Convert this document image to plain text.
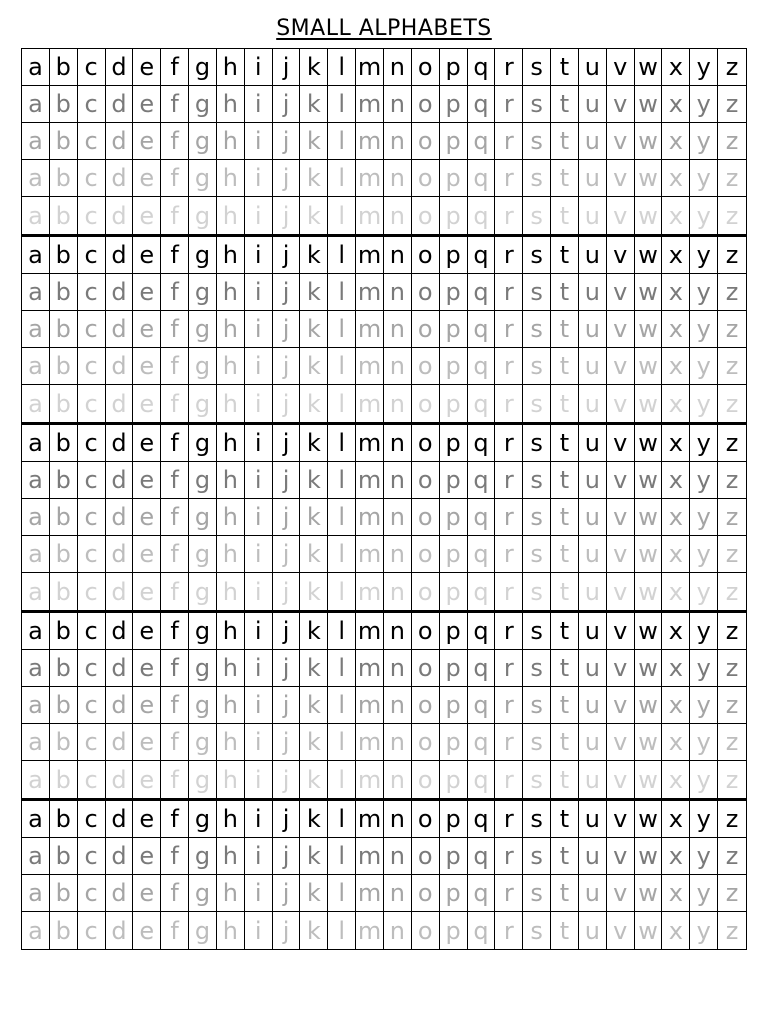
SMALL ALPHABETS
a b c d e f g h i j k l m n o p q r s t u v w x y z
a b c d e f g h i j k l m n o p q r s t u v w x y z
a b c d e f g h i j k l m n o p q r s t u v w x y z
a b c d e f g h i j k l m n o p q r s t u v w x y z
a b c d e f g h i j k l m n o p q r s t u v w x y z
a b c d e f g h i j k l m n o p q r s t u v w x y z
a b c d e f g h i j k l m n o p q r s t u v w x y z
a b c d e f g h i j k l m n o p q r s t u v w x y z
a b c d e f g h i j k l m n o p q r s t u v w x y z
a b c d e f g h i j k l m n o p q r s t u v w x y z
a b c d e f g h i j k l m n o p q r s t u v w x y z
a b c d e f g h i j k l m n o p q r s t u v w x y z
a b c d e f g h i j k l m n o p q r s t u v w x y z
a b c d e f g h i j k l m n o p q r s t u v w x y z
a b c d e f g h i j k l m n o p q r s t u v w x y z
a b c d e f g h i j k l m n o p q r s t u v w x y z
a b c d e f g h i j k l m n o p q r s t u v w x y z
a b c d e f g h i j k l m n o p q r s t u v w x y z
a b c d e f g h i j k l m n o p q r s t u v w x y z
a b c d e f g h i j k l m n o p q r s t u v w x y z
a b c d e f g h i j k l m n o p q r s t u v w x y z
a b c d e f g h i j k l m n o p q r s t u v w x y z
a b c d e f g h i j k l m n o p q r s t u v w x y z
a b c d e f g h i j k l m n o p q r s t u v w x y z
